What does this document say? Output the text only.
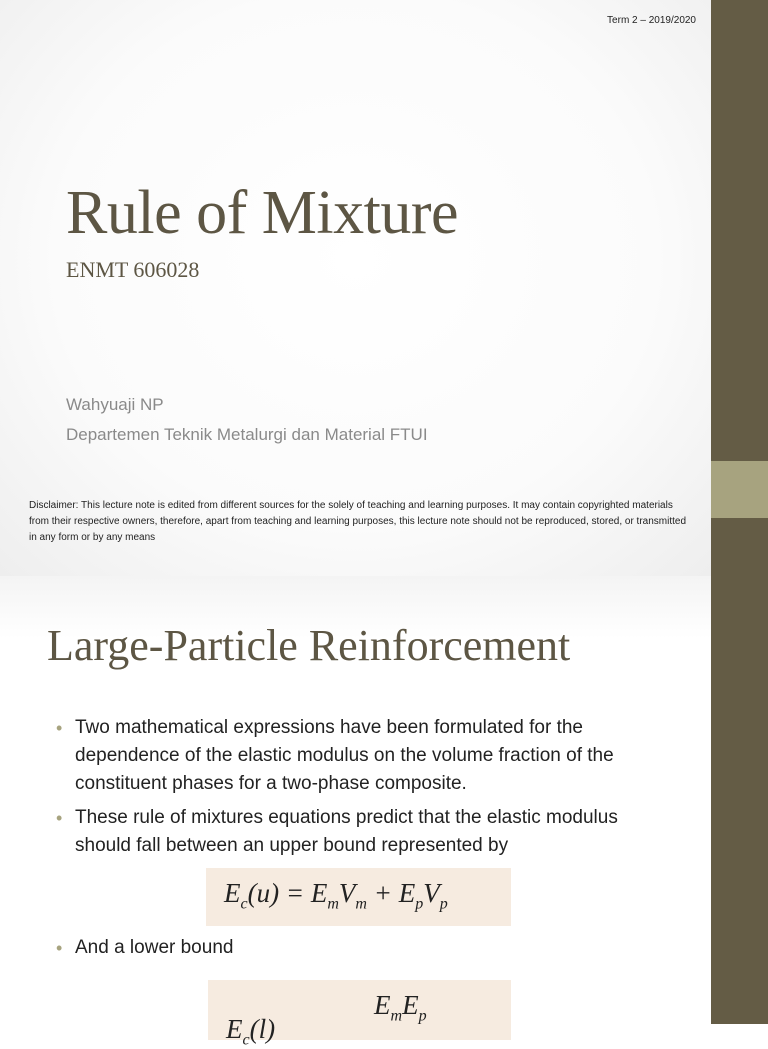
Term 2 – 2019/2020
Rule of Mixture
ENMT 606028
Wahyuaji NP
Departemen Teknik Metalurgi dan Material FTUI
Disclaimer: This lecture note is edited from different sources for the solely of teaching and learning purposes. It may contain copyrighted materials from their respective owners, therefore, apart from teaching and learning purposes, this lecture note should not be reproduced, stored, or transmitted in any form or by any means
Large-Particle Reinforcement
• Two mathematical expressions have been formulated for the dependence of the elastic modulus on the volume fraction of the constituent phases for a two-phase composite.
• These rule of mixtures equations predict that the elastic modulus should fall between an upper bound represented by
$E_c(u) = E_mV_m + E_pV_p$
• And a lower bound
$E_mE_p$
$E_c(l)$
